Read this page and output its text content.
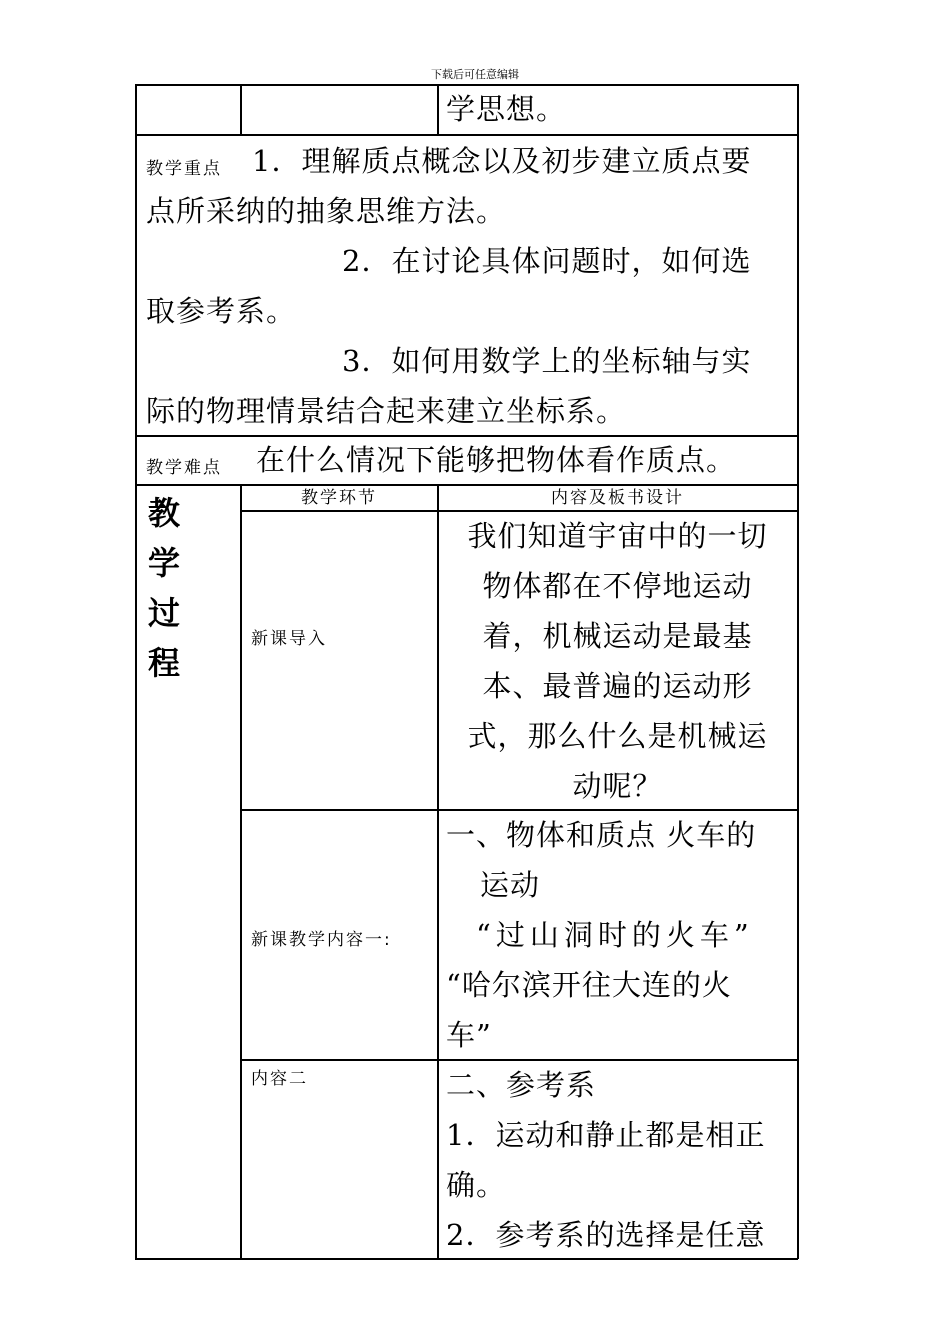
下载后可任意编辑
学思想。
教学重点 1．理解质点概念以及初步建立质点要
点所采纳的抽象思维方法。
2．在讨论具体问题时，如何选
取参考系。
3．如何用数学上的坐标轴与实
际的物理情景结合起来建立坐标系。
教学难点 在什么情况下能够把物体看作质点。
教
学
过
程
教学环节	内容及板书设计
新课导入
我们知道宇宙中的一切
物体都在不停地运动
着，机械运动是最基
本、最普遍的运动形
式，那么什么是机械运
动呢？
新课教学内容一:
一、物体和质点 火车的
运动
“过山洞时的火车”
“哈尔滨开往大连的火
车”
内容二	二、参考系
1．运动和静止都是相正
确。
2．参考系的选择是任意
